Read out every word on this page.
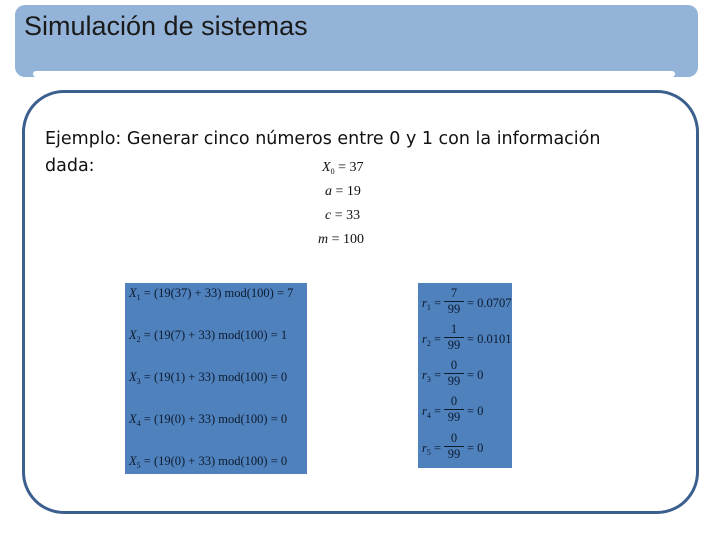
Simulación de sistemas
Ejemplo: Generar cinco números entre 0 y 1 con la información dada:	$X_0 = 37$
a = 19
c = 33
m = 100
$X_1 = (19(37) + 33) mod(100) = 7$
$X_2 = (19(7) + 33) mod(100) = 1$
$X_3 = (19(1) + 33) mod(100) = 0$
$X_4 = (19(0) + 33) mod(100) = 0$
$X_5 = (19(0) + 33) mod(100) = 0$
$r_1$ =
7
99 = 0.0707
$r_2$ =
1
99 = 0.0101
$r_3$ =
0
99 = 0
$r_4$ =
0
99 = 0
$r_5$ =
0
99 = 0
